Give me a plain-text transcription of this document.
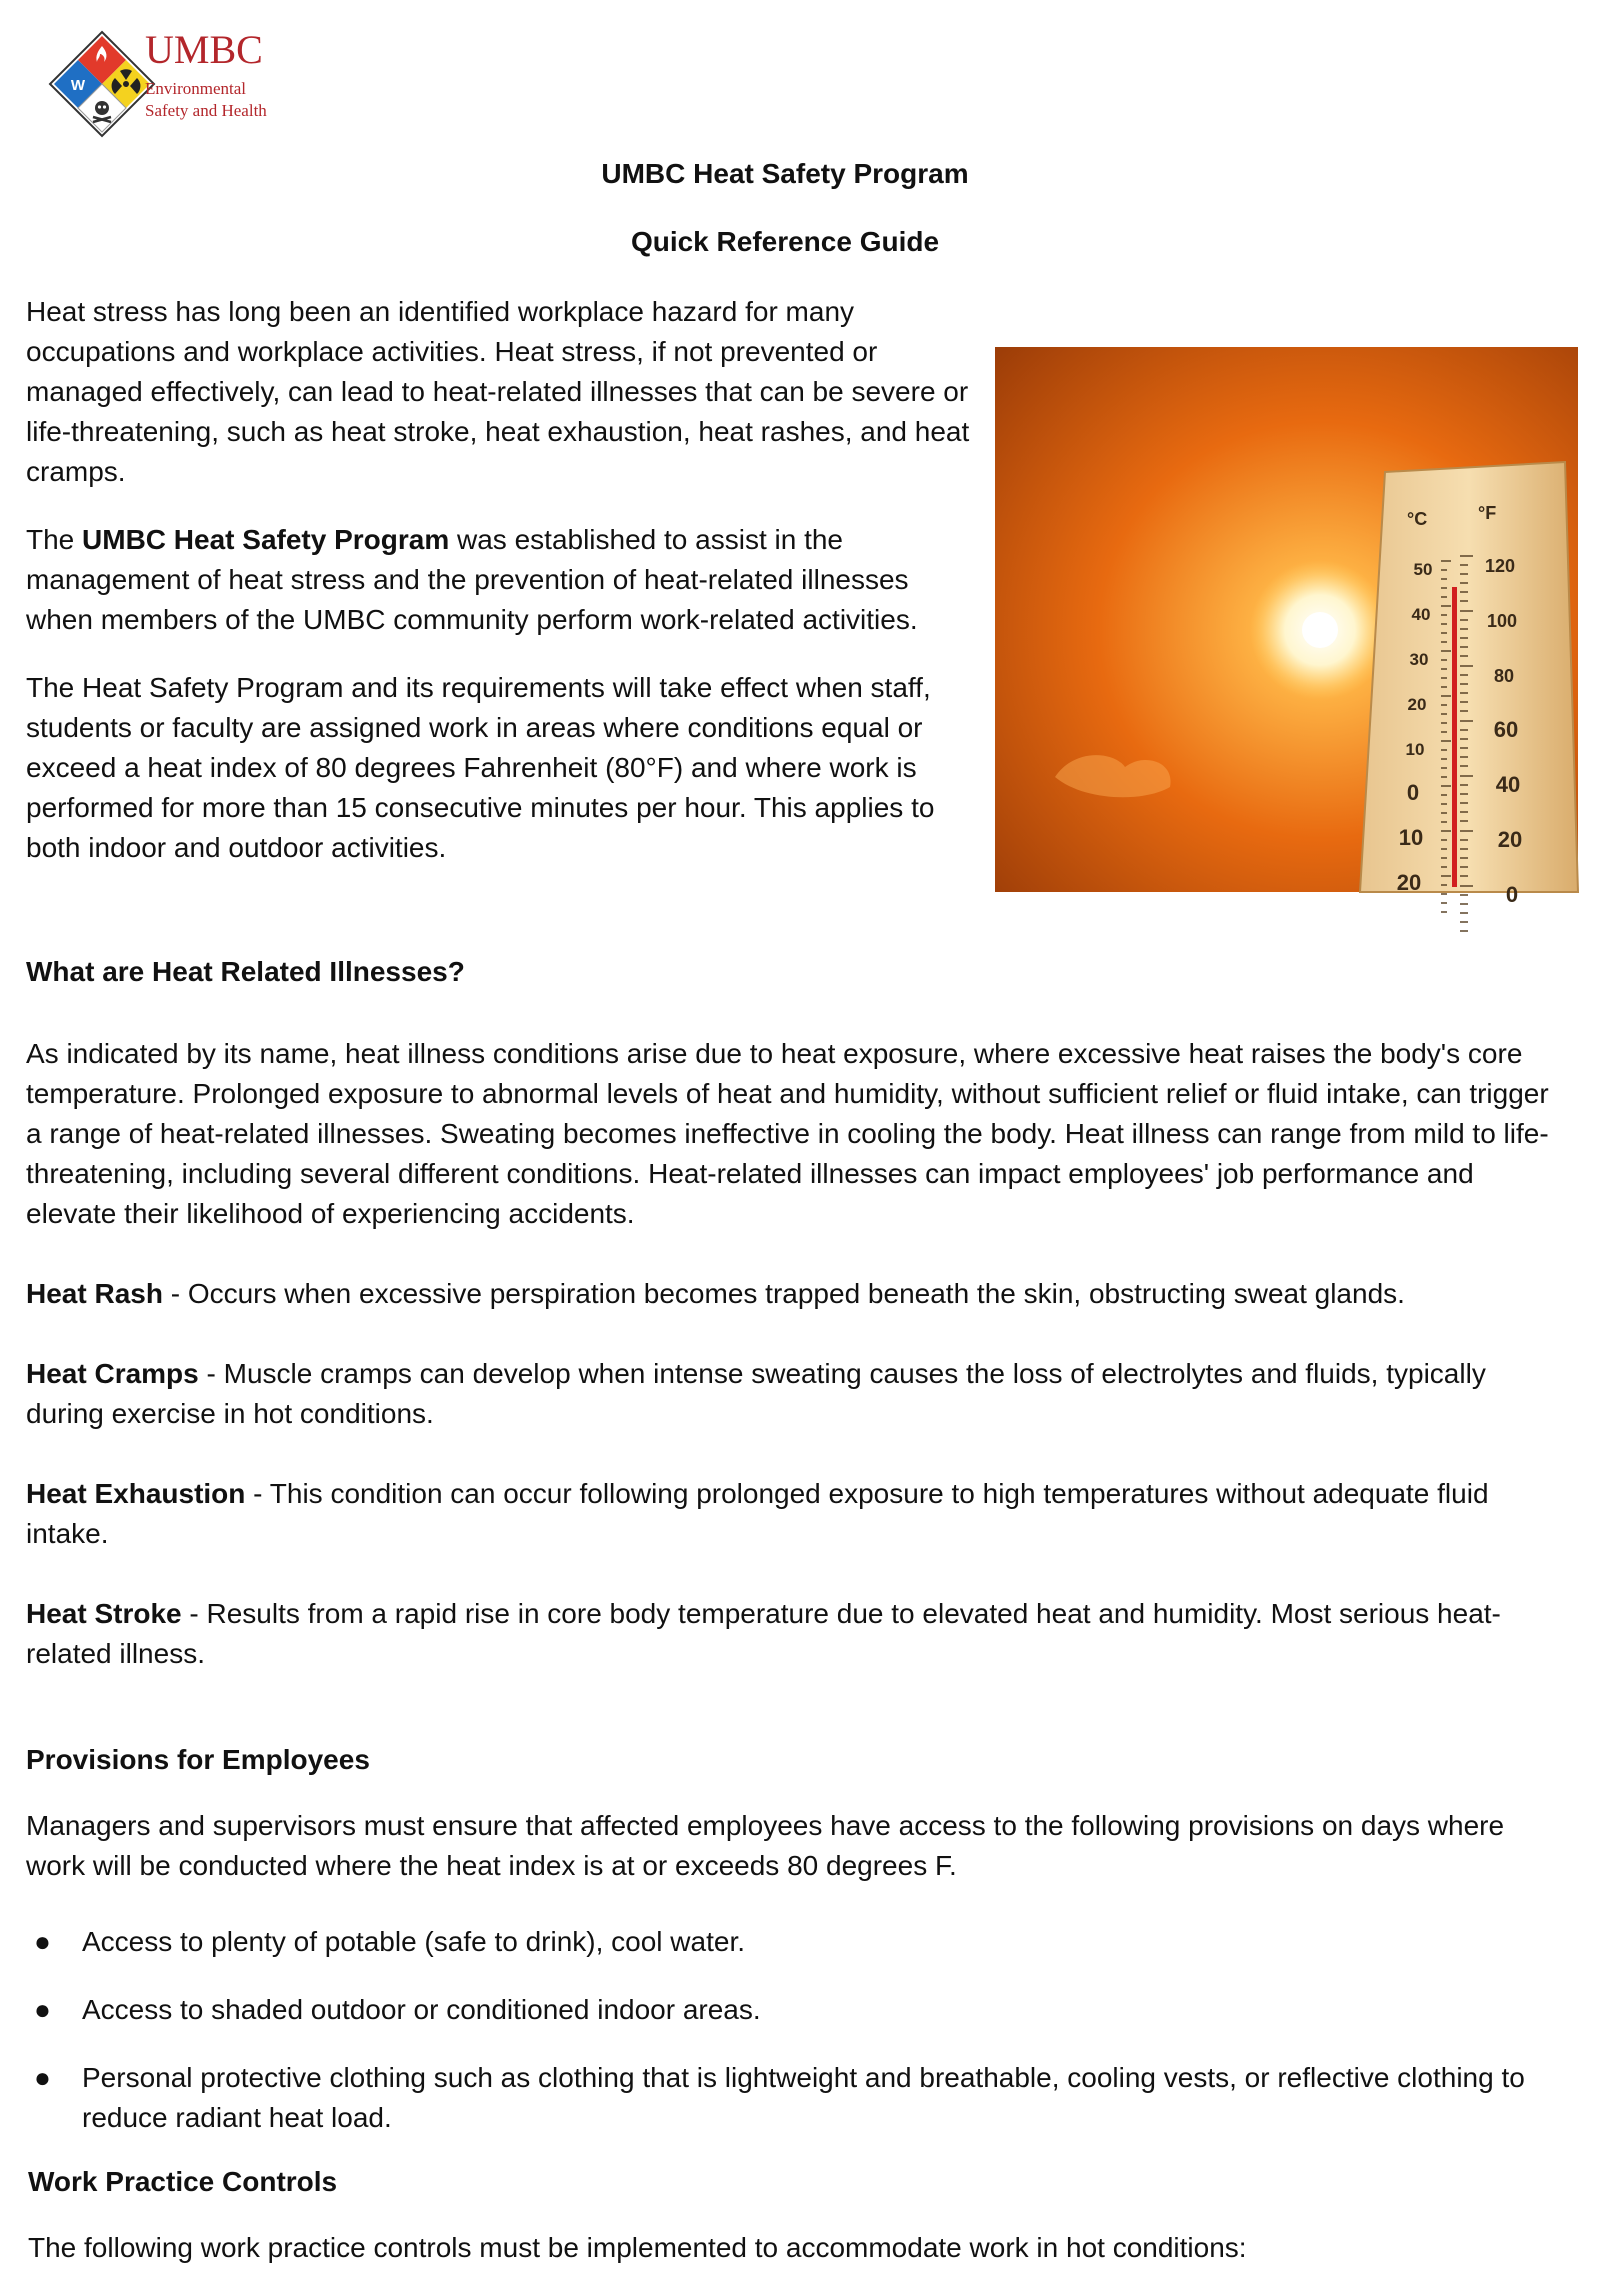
W
UMBC
Environmental
Safety and Health
UMBC Heat Safety Program
Quick Reference Guide

Heat stress has long been an identified workplace hazard for many occupations and workplace activities. Heat stress, if not prevented or managed effectively, can lead to heat-related illnesses that can be severe or life-threatening, such as heat stroke, heat exhaustion, heat rashes, and heat cramps.

The UMBC Heat Safety Program was established to assist in the management of heat stress and the prevention of heat-related illnesses when members of the UMBC community perform work-related activities.

The Heat Safety Program and its requirements will take effect when staff, students or faculty are assigned work in areas where conditions equal or exceed a heat index of 80 degrees Fahrenheit (80°F) and where work is performed for more than 15 consecutive minutes per hour. This applies to both indoor and outdoor activities.

°C	°F
50
40
30
20
10
0
10
20
120
100
80
60
40
20
0
What are Heat Related Illnesses?

As indicated by its name, heat illness conditions arise due to heat exposure, where excessive heat raises the body's core temperature. Prolonged exposure to abnormal levels of heat and humidity, without sufficient relief or fluid intake, can trigger a range of heat-related illnesses. Sweating becomes ineffective in cooling the body. Heat illness can range from mild to life-threatening, including several different conditions. Heat-related illnesses can impact employees' job performance and elevate their likelihood of experiencing accidents.

Heat Rash - Occurs when excessive perspiration becomes trapped beneath the skin, obstructing sweat glands.

Heat Cramps - Muscle cramps can develop when intense sweating causes the loss of electrolytes and fluids, typically during exercise in hot conditions.

Heat Exhaustion - This condition can occur following prolonged exposure to high temperatures without adequate fluid intake.

Heat Stroke - Results from a rapid rise in core body temperature due to elevated heat and humidity. Most serious heat-related illness.

Provisions for Employees
Managers and supervisors must ensure that affected employees have access to the following provisions on days where work will be conducted where the heat index is at or exceeds 80 degrees F.
● Access to plenty of potable (safe to drink), cool water.
● Access to shaded outdoor or conditioned indoor areas.
● Personal protective clothing such as clothing that is lightweight and breathable, cooling vests, or reflective clothing to reduce radiant heat load.
Work Practice Controls
The following work practice controls must be implemented to accommodate work in hot conditions:
